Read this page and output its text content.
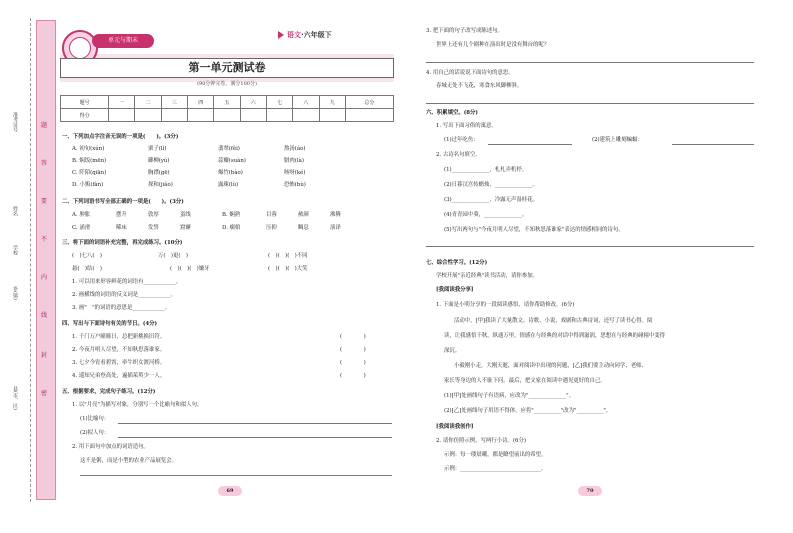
准考证号
姓名
学校
乡(镇)
县(市、区)
题
答
要
不
内
线
封
密
单元与期末
语文·六年级下
第一单元测试卷
(90分钟完卷，满分100分)
题号	一	二	三	四	五	六	七	八	九	总分
得分										
一、下列加点字注音无误的一项是(　　)。(3分)
A. 初旬(xún)	栗子(lì)	翡翠(fěi)	熬汤(áo)
B. 焖饭(mēn)	御柳(yù)	蒜瓣(suàn)	腊肉(là)
C. 阡陌(qiān)	胸襟(gē)	爆竹(bào)	咳呀(ké)
D. 小贩(fàn)	探和(jiǎo)	露珠(lù)	恐怖(bù)
二、下列词语书写全部正确的一项是(　　)。(3分)
A. 肿胀	摆升	敦厚	蛮线	B. 娴熟	目蓉	赦颜	沸腾
C. 涌滑	晞床	发誓	窟窿	D. 瘸娘	压抑	鲷息	演译
三、将下面的词语补充完整，再完成练习。(10分)
(　)七八(　)	万(　)更(　)	(　)(　)(　)不同
悬(　)结(　)	(　)(　)(　)嫌牙	(　)(　)(　)大笑
1. 可以用来形容鲜花的词语有____________。
2. 画横线的词语的反义词是____________。
3. 画"　"的词语的意思是____________。
四、写出与下面诗句有关的节日。(4分)
1. 千门万户曈曈日，总把新桃换旧符。	(　　　　)
2. 今夜月明人尽望，不知秋思落谁家。	(　　　　)
3. 七夕今宵看碧霄，牵牛织女渡河桥。	(　　　　)
4. 遥知兄弟登高处，遍插茱萸少一人。	(　　　　)
五、根据要求，完成句子练习。(12分)
1. 以"月亮"为描写对象，分别写一个比喻句和拟人句。
(1)比喻句：
(2)拟人句：
2. 用下面句中加点的词语造句。
这不是粥，而是小型的农业产品展览会。
69
3. 把下面的句子改写成陈述句。
世界上还有几个剧种在演出时是没有舞台的呢？
4. 用自己的话说说下面诗句的意思。
春城无处不飞花，寒食东风御柳斜。
六、积累填空。(8分)
1. 写出下面习俗的寓意。
(1)过年吃鱼：	(2)建筑上雕刻蝙蝠：
2. 古诗名句填空。
(1)______________，札札弄机杼。
(2)日暮汉宫传蜡烛，______________。
(3)______________，冷露无声湿桂花。
(4)青青园中葵，______________。
(5)写出两句与"今夜月明人尽望，不知秋思落谁家"表达的情感相同的诗句。
七、综合性学习。(12分)
学校开展"亲近经典"读书活动，请你参加。
[我阅读我分享]
1. 下面是小明分享的一段阅读感悟，请你帮助修改。(6分)
活动中，[甲]我读了大量散文、诗歌、小说、戏剧和古典诗词，还写了读书心得。阅
读，让我感悟千秋，纵通万里，情感在与经典的对话中得到滋润，思想在与经典的碰撞中变得
深沉。
小毅刚小走，大刚天逝，面对阅读中出现的问题，[乙]我们要主动向同学、老师、
家长等身边的人不耻下问。最后，把文家在阅读中遇见更好的自己。
(1)[甲]处画线句子有语病，应改为"______________"。
(2)[乙]处画线句子用语不得体，应将"__________"改为"__________"。
[我阅读我创作]
2. 请你仿照示例，写两行小诗。(6分)
示例：每一缕晨曦，都是瞭望前出的希望。
示例：______________________________。
70
